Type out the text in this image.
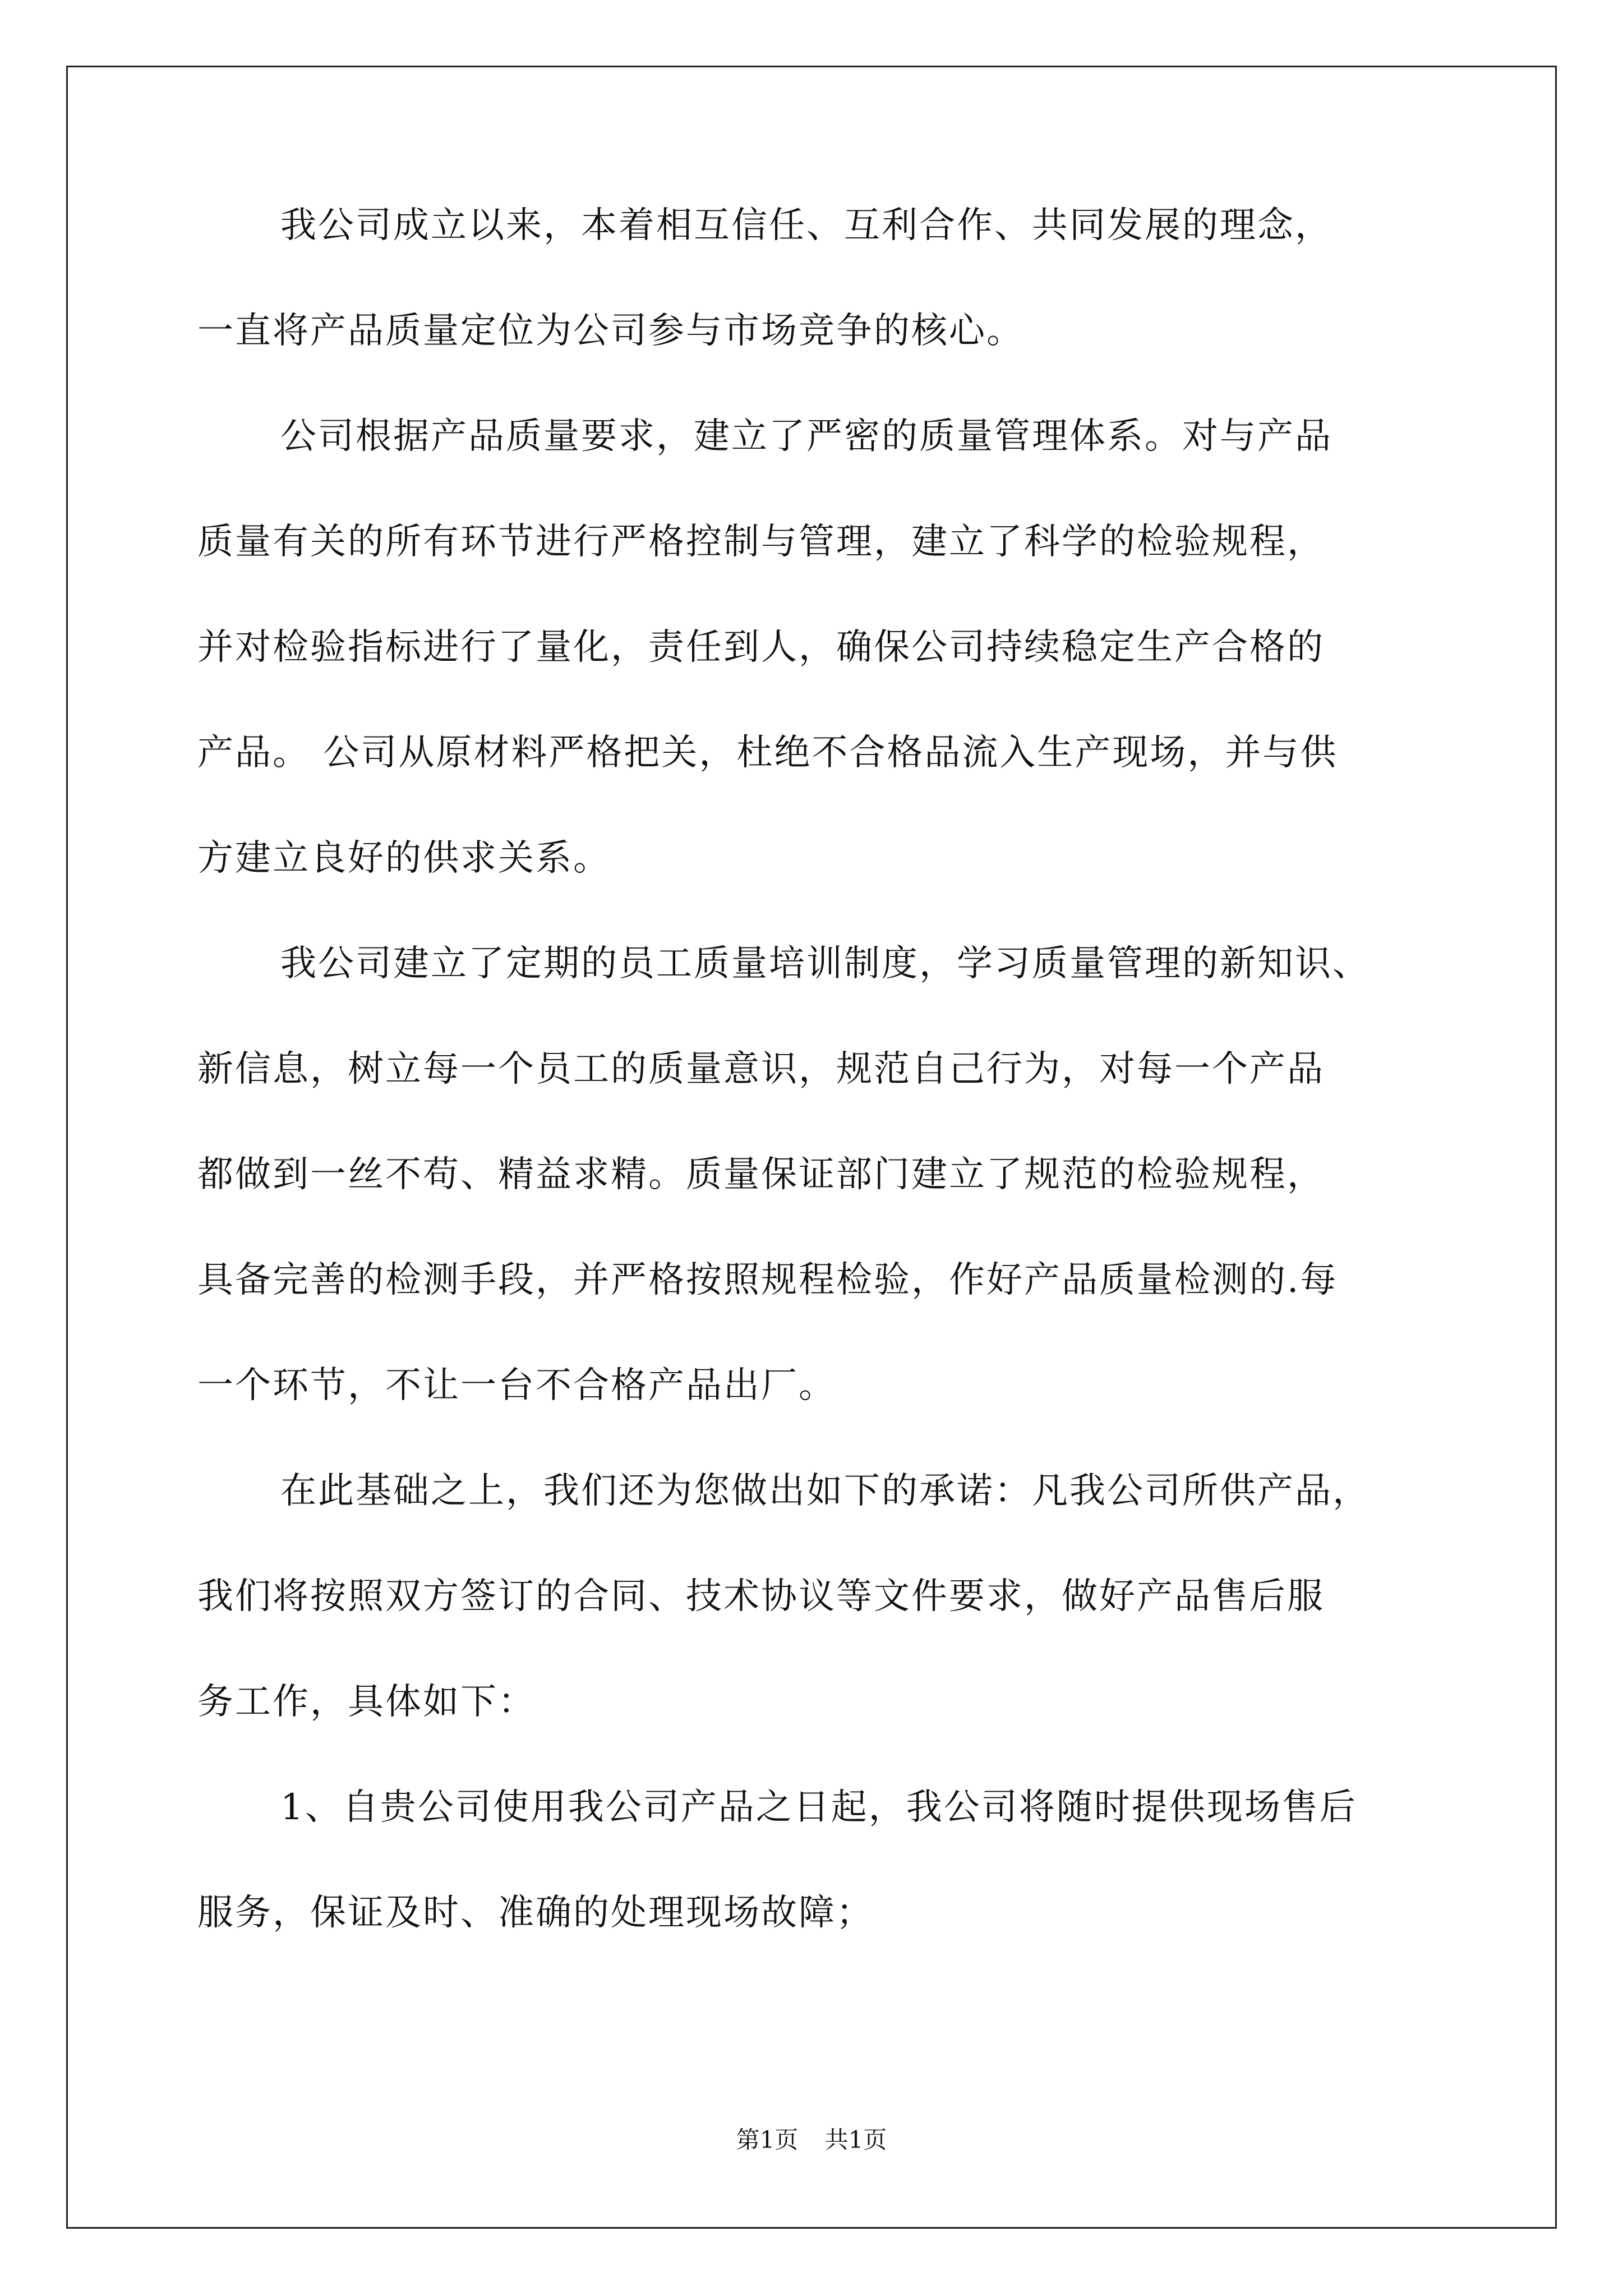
我公司成立以来，本着相互信任、互利合作、共同发展的理念，

一直将产品质量定位为公司参与市场竞争的核心。

公司根据产品质量要求，建立了严密的质量管理体系。对与产品

质量有关的所有环节进行严格控制与管理，建立了科学的检验规程，

并对检验指标进行了量化，责任到人，确保公司持续稳定生产合格的

产品。 公司从原材料严格把关，杜绝不合格品流入生产现场，并与供

方建立良好的供求关系。

我公司建立了定期的员工质量培训制度，学习质量管理的新知识、

新信息，树立每一个员工的质量意识，规范自己行为，对每一个产品

都做到一丝不苟、精益求精。质量保证部门建立了规范的检验规程，

具备完善的检测手段，并严格按照规程检验，作好产品质量检测的.每

一个环节，不让一台不合格产品出厂。

在此基础之上，我们还为您做出如下的承诺：凡我公司所供产品，

我们将按照双方签订的合同、技术协议等文件要求，做好产品售后服

务工作，具体如下：

1、自贵公司使用我公司产品之日起，我公司将随时提供现场售后

服务，保证及时、准确的处理现场故障；

第1页 共1页
